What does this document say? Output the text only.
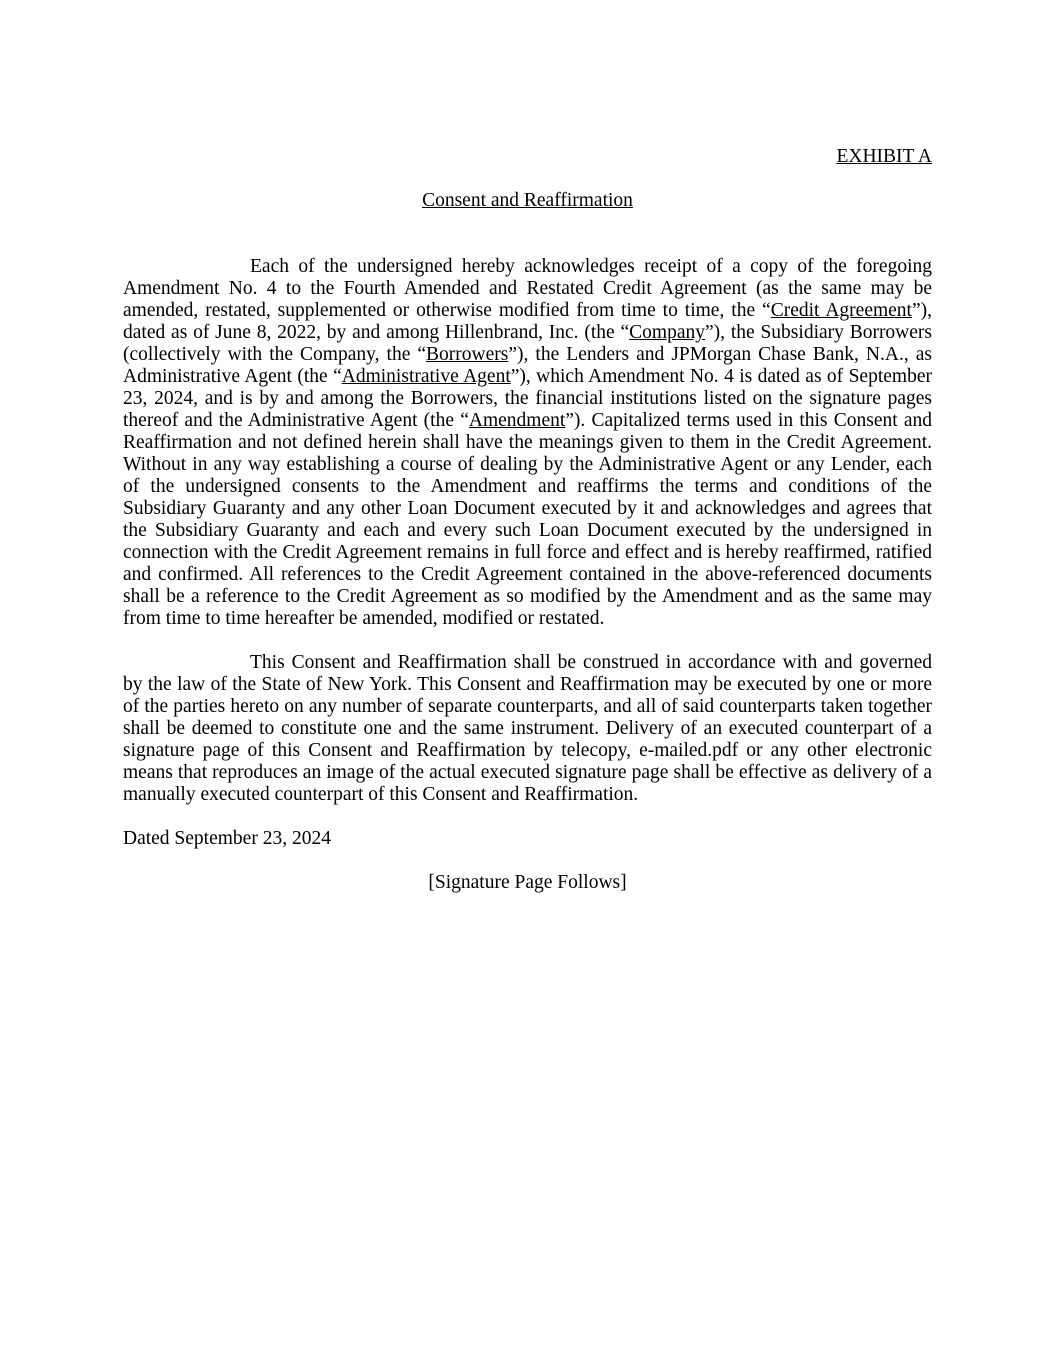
EXHIBIT A
Consent and Reaffirmation

Each of the undersigned hereby acknowledges receipt of a copy of the foregoing Amendment No. 4 to the Fourth Amended and Restated Credit Agreement (as the same may be amended, restated, supplemented or otherwise modified from time to time, the “Credit Agreement”), dated as of June 8, 2022, by and among Hillenbrand, Inc. (the “Company”), the Subsidiary Borrowers (collectively with the Company, the “Borrowers”), the Lenders and JPMorgan Chase Bank, N.A., as Administrative Agent (the “Administrative Agent”), which Amendment No. 4 is dated as of September 23, 2024, and is by and among the Borrowers, the financial institutions listed on the signature pages thereof and the Administrative Agent (the “Amendment”). Capitalized terms used in this Consent and Reaffirmation and not defined herein shall have the meanings given to them in the Credit Agreement. Without in any way establishing a course of dealing by the Administrative Agent or any Lender, each of the undersigned consents to the Amendment and reaffirms the terms and conditions of the Subsidiary Guaranty and any other Loan Document executed by it and acknowledges and agrees that the Subsidiary Guaranty and each and every such Loan Document executed by the undersigned in connection with the Credit Agreement remains in full force and effect and is hereby reaffirmed, ratified and confirmed. All references to the Credit Agreement contained in the above-referenced documents shall be a reference to the Credit Agreement as so modified by the Amendment and as the same may from time to time hereafter be amended, modified or restated.

This Consent and Reaffirmation shall be construed in accordance with and governed by the law of the State of New York. This Consent and Reaffirmation may be executed by one or more of the parties hereto on any number of separate counterparts, and all of said counterparts taken together shall be deemed to constitute one and the same instrument. Delivery of an executed counterpart of a signature page of this Consent and Reaffirmation by telecopy, e-mailed.pdf or any other electronic means that reproduces an image of the actual executed signature page shall be effective as delivery of a manually executed counterpart of this Consent and Reaffirmation.

Dated September 23, 2024
[Signature Page Follows]
